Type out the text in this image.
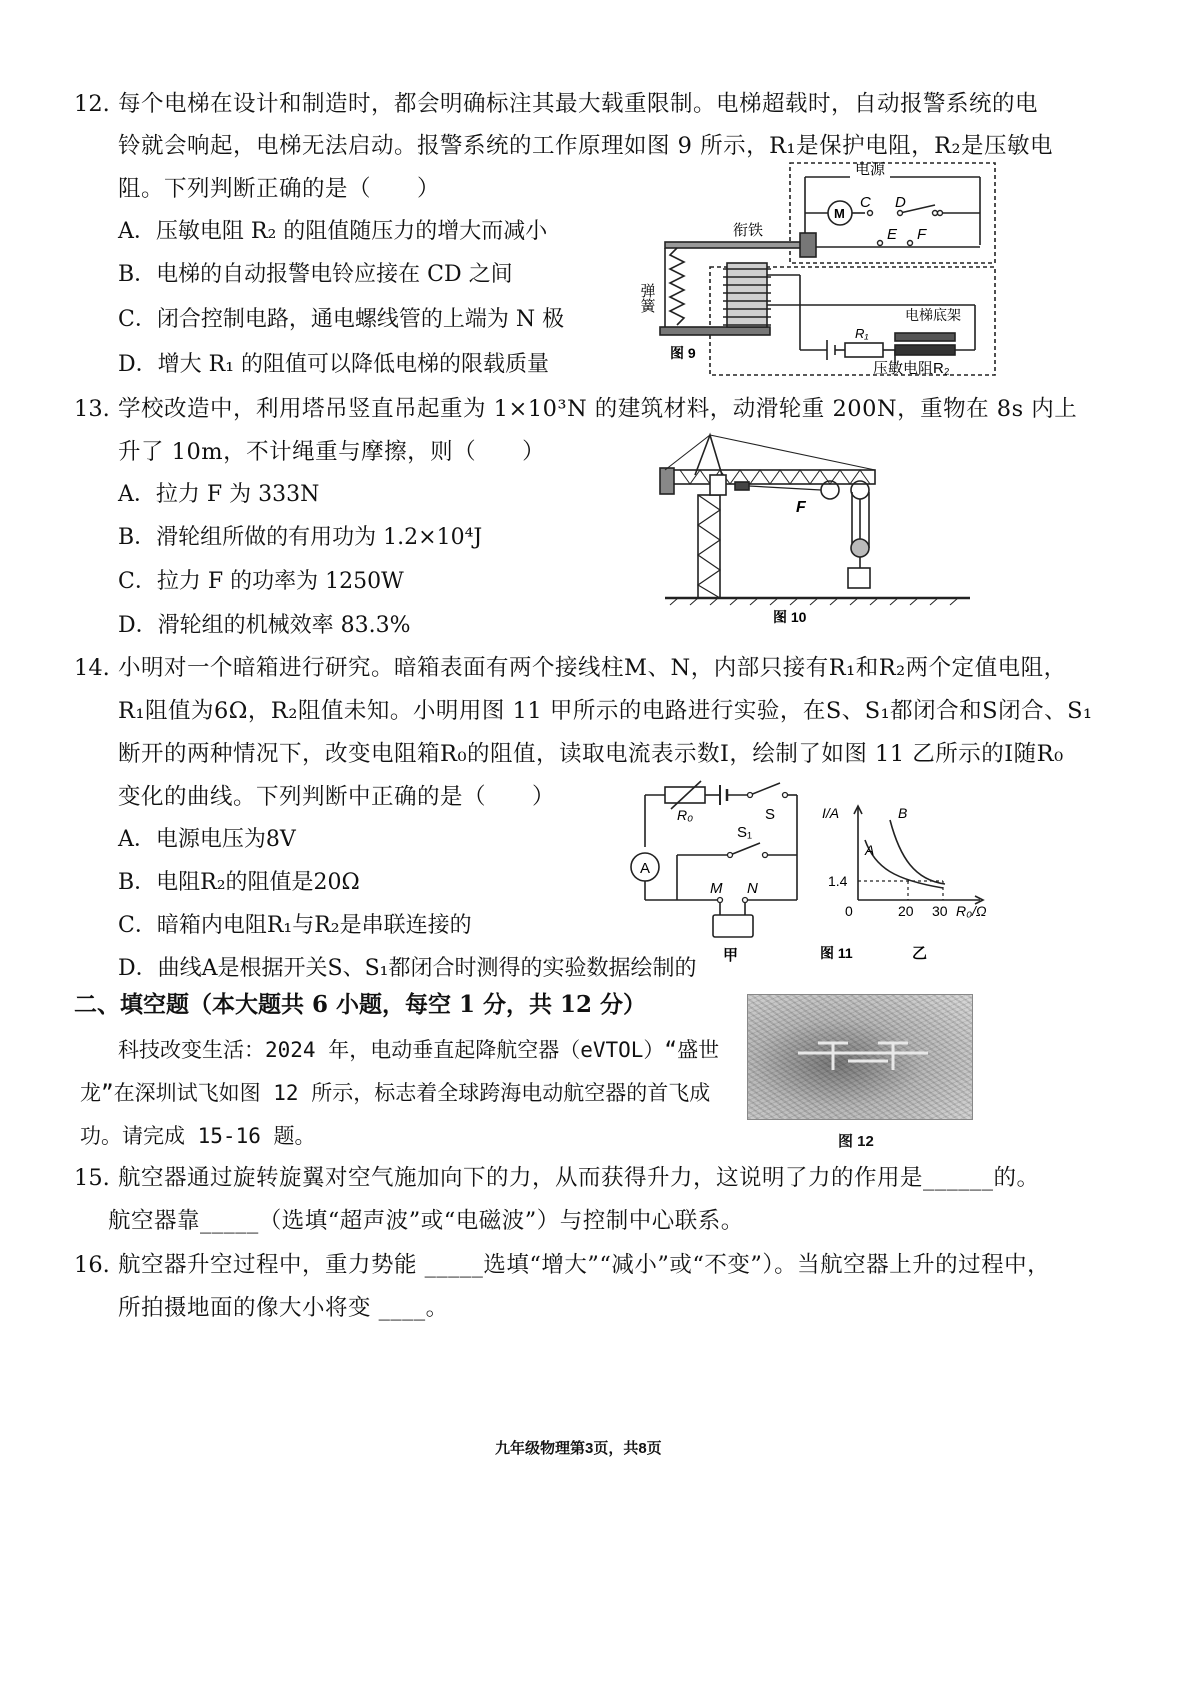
12. 每个电梯在设计和制造时，都会明确标注其最大载重限制。电梯超载时，自动报警系统的电
铃就会响起，电梯无法启动。报警系统的工作原理如图 9 所示，R₁是保护电阻，R₂是压敏电
阻。下列判断正确的是（　　）
A．压敏电阻 R₂ 的阻值随压力的增大而减小
B．电梯的自动报警电铃应接在 CD 之间
C．闭合控制电路，通电螺线管的上端为 N 极
D．增大 R₁ 的阻值可以降低电梯的限载质量
电源
M
C D
E F
衔铁
弹簧
R₁
电梯底架
压敏电阻R₂
图 9
13. 学校改造中，利用塔吊竖直吊起重为 1×10³N 的建筑材料，动滑轮重 200N，重物在 8s 内上
升了 10m，不计绳重与摩擦，则（　　）
A．拉力 F 为 333N
B．滑轮组所做的有用功为 1.2×10⁴J
C．拉力 F 的功率为 1250W
D．滑轮组的机械效率 83.3%
F
图 10
14. 小明对一个暗箱进行研究。暗箱表面有两个接线柱M、N，内部只接有R₁和R₂两个定值电阻，
R₁阻值为6Ω，R₂阻值未知。小明用图 11 甲所示的电路进行实验，在S、S₁都闭合和S闭合、S₁
断开的两种情况下，改变电阻箱R₀的阻值，读取电流表示数I，绘制了如图 11 乙所示的I随R₀
变化的曲线。下列判断中正确的是（　　）
A．电源电压为8V
B．电阻R₂的阻值是20Ω
C．暗箱内电阻R₁与R₂是串联连接的
D．曲线A是根据开关S、S₁都闭合时测得的实验数据绘制的
R₀	S
S₁
A
M N
甲
I/A
A
B
1.4
0	20 30 R₀/Ω
图 11	乙
二、填空题（本大题共 6 小题，每空 1 分，共 12 分）
科技改变生活：2024 年，电动垂直起降航空器（eVTOL）“盛世
龙”在深圳试飞如图 12 所示，标志着全球跨海电动航空器的首飞成
功。请完成 15-16 题。	图 12
15. 航空器通过旋转旋翼对空气施加向下的力，从而获得升力，这说明了力的作用是______的。
航空器靠_____（选填“超声波”或“电磁波”）与控制中心联系。
16. 航空器升空过程中，重力势能 _____选填“增大”“减小”或“不变”）。当航空器上升的过程中，
所拍摄地面的像大小将变 ____。
九年级物理第3页，共8页
